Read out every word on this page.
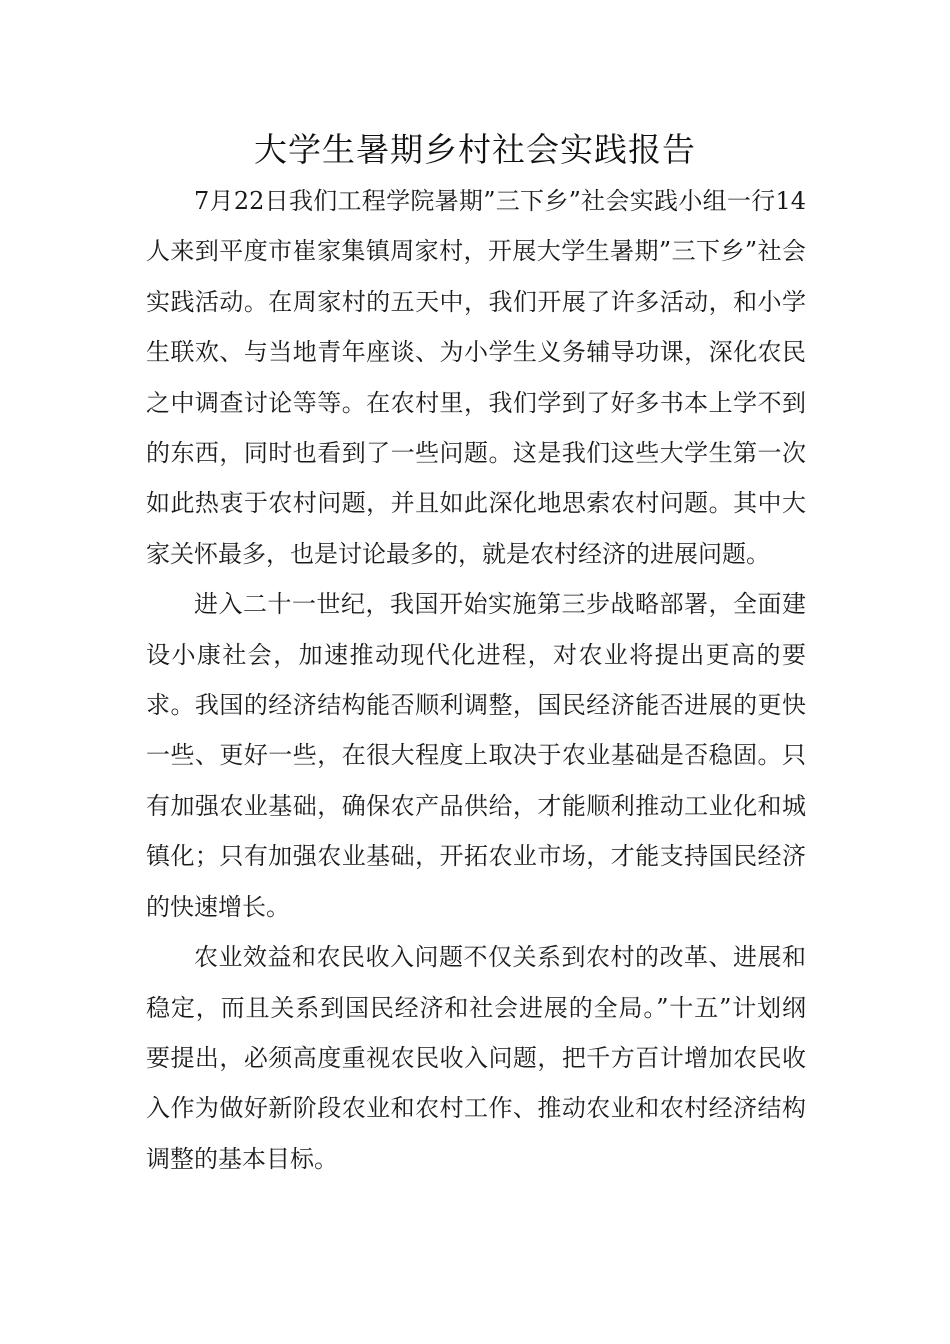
大学生暑期乡村社会实践报告

7月22日我们工程学院暑期”三下乡”社会实践小组一行14人来到平度市崔家集镇周家村，开展大学生暑期”三下乡”社会实践活动。在周家村的五天中，我们开展了许多活动，和小学生联欢、与当地青年座谈、为小学生义务辅导功课，深化农民之中调查讨论等等。在农村里，我们学到了好多书本上学不到的东西，同时也看到了一些问题。这是我们这些大学生第一次如此热衷于农村问题，并且如此深化地思索农村问题。其中大家关怀最多，也是讨论最多的，就是农村经济的进展问题。

进入二十一世纪，我国开始实施第三步战略部署，全面建设小康社会，加速推动现代化进程，对农业将提出更高的要求。我国的经济结构能否顺利调整，国民经济能否进展的更快一些、更好一些，在很大程度上取决于农业基础是否稳固。只有加强农业基础，确保农产品供给，才能顺利推动工业化和城镇化；只有加强农业基础，开拓农业市场，才能支持国民经济的快速增长。

农业效益和农民收入问题不仅关系到农村的改革、进展和稳定，而且关系到国民经济和社会进展的全局。”十五”计划纲要提出，必须高度重视农民收入问题，把千方百计增加农民收入作为做好新阶段农业和农村工作、推动农业和农村经济结构调整的基本目标。
